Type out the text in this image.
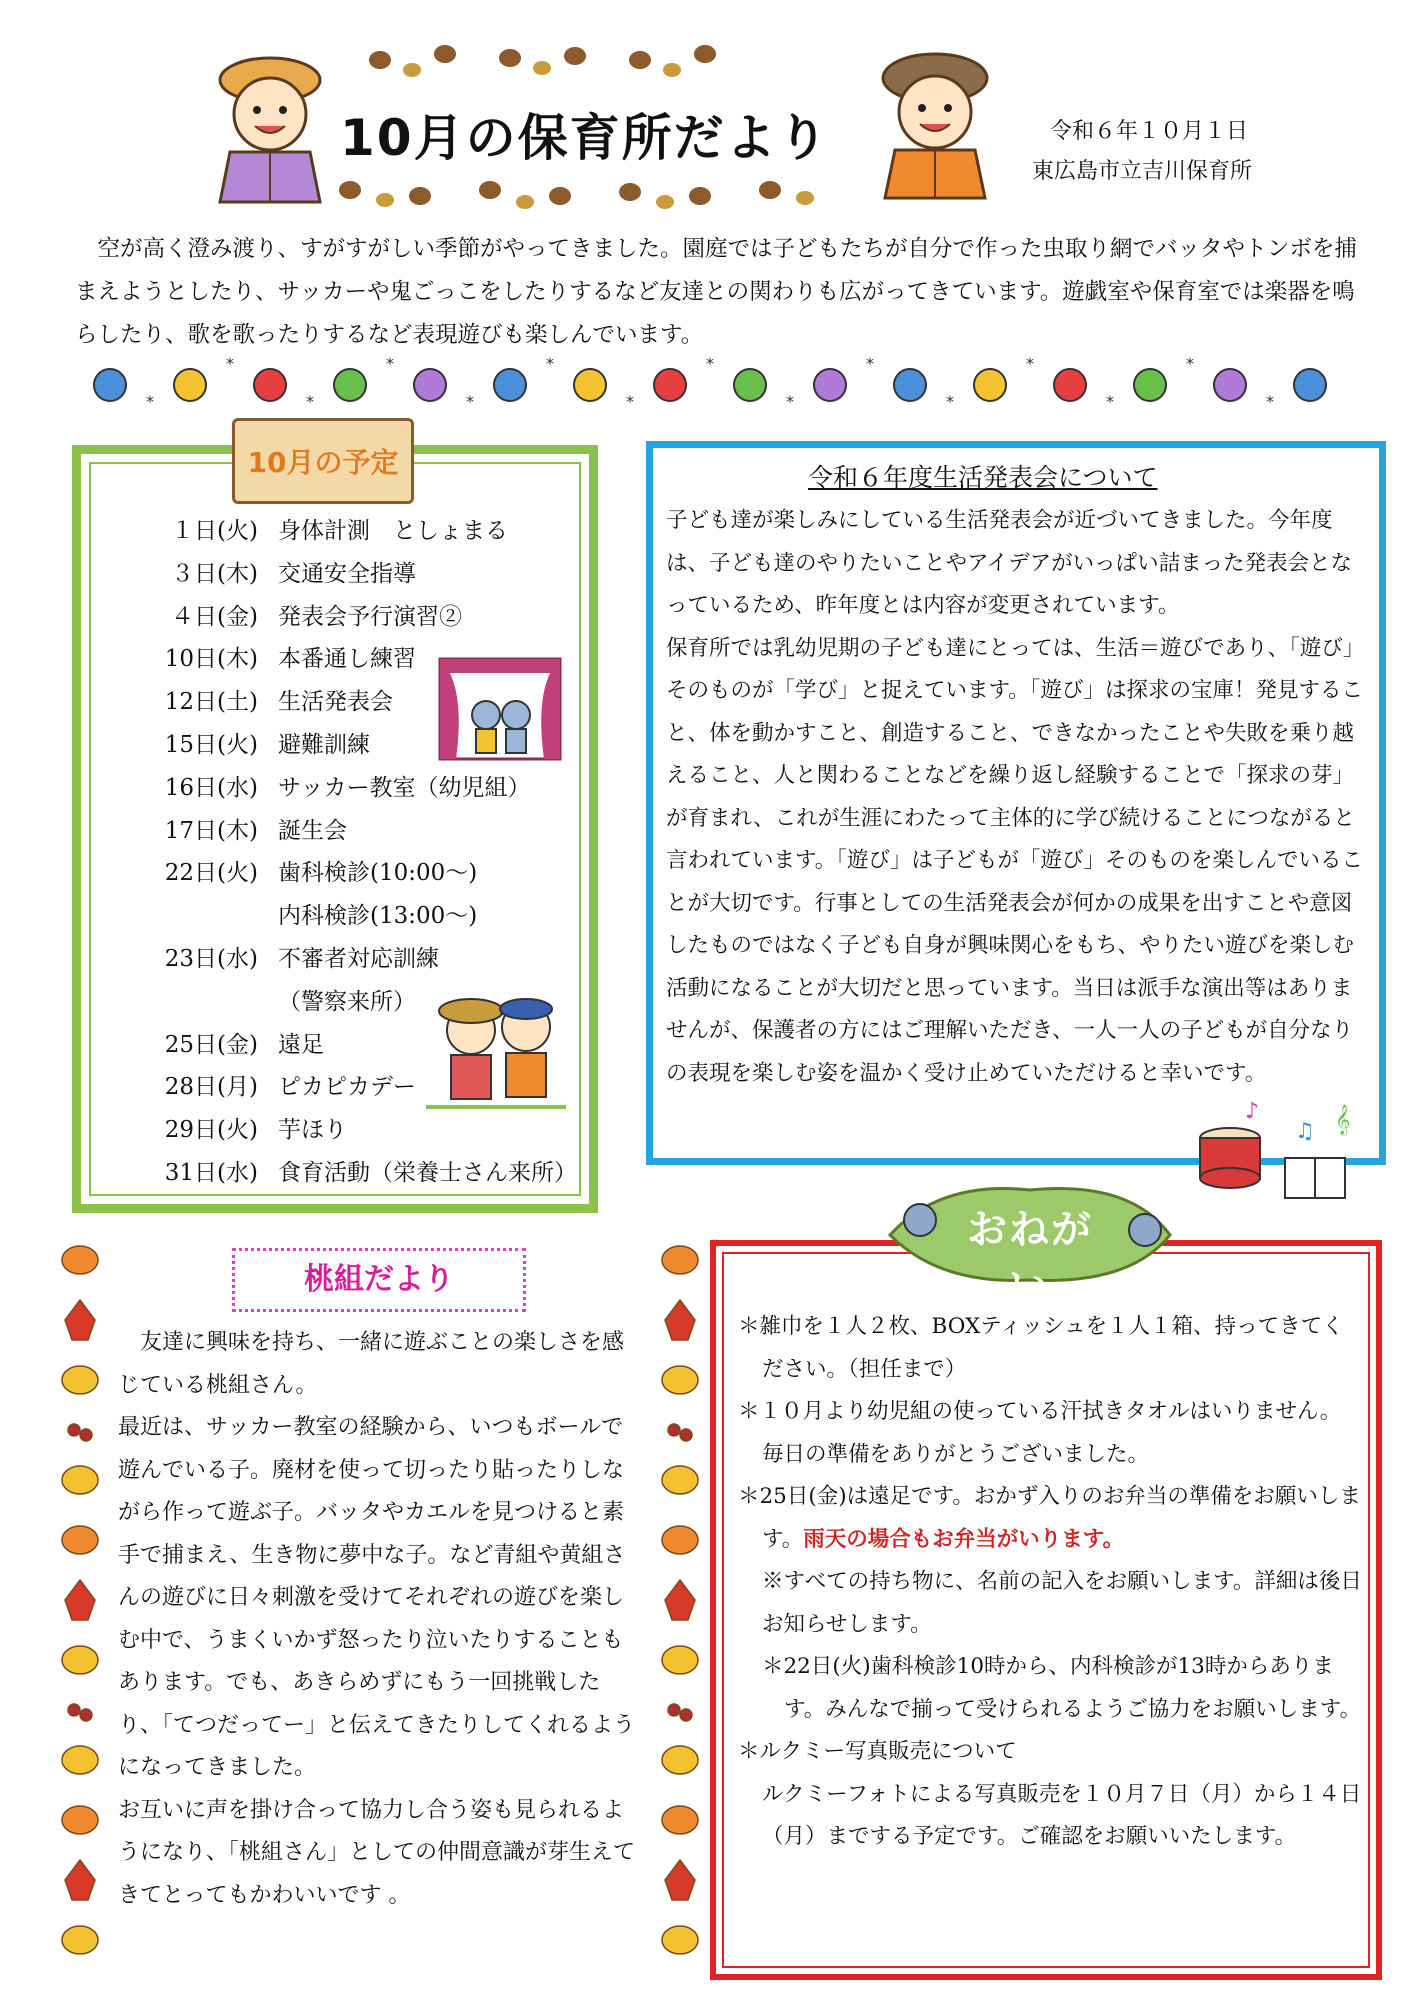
10月の保育所だより	令和６年１０月１日
東広島市立吉川保育所

空が高く澄み渡り、すがすがしい季節がやってきました。園庭では子どもたちが自分で作った虫取り網でバッタやトンボを捕まえようとしたり、サッカーや鬼ごっこをしたりするなど友達との関わりも広がってきています。遊戯室や保育室では楽器を鳴らしたり、歌を歌ったりするなど表現遊びも楽しんでいます。

*
*
*
*
*
*
*
*
*
*
*
*
*
*
*
10月の予定
１日(火) 身体計測　としょまる
３日(木) 交通安全指導
４日(金) 発表会予行演習②
10日(木) 本番通し練習
12日(土) 生活発表会
15日(火) 避難訓練
16日(水) サッカー教室（幼児組）
17日(木) 誕生会
22日(火) 歯科検診(10:00～)
内科検診(13:00～)
23日(水) 不審者対応訓練
（警察来所）
25日(金) 遠足
28日(月) ピカピカデー
29日(火) 芋ほり
31日(水) 食育活動（栄養士さん来所）
令和６年度生活発表会について

子ども達が楽しみにしている生活発表会が近づいてきました。今年度は、子ども達のやりたいことやアイデアがいっぱい詰まった発表会となっているため、昨年度とは内容が変更されています。

保育所では乳幼児期の子ども達にとっては、生活＝遊びであり、「遊び」そのものが「学び」と捉えています。「遊び」は探求の宝庫！発見すること、体を動かすこと、創造すること、できなかったことや失敗を乗り越えること、人と関わることなどを繰り返し経験することで「探求の芽」が育まれ、これが生涯にわたって主体的に学び続けることにつながると言われています。「遊び」は子どもが「遊び」そのものを楽しんでいることが大切です。行事としての生活発表会が何かの成果を出すことや意図したものではなく子ども自身が興味関心をもち、やりたい遊びを楽しむ活動になることが大切だと思っています。当日は派手な演出等はありませんが、保護者の方にはご理解いただき、一人一人の子どもが自分なりの表現を楽しむ姿を温かく受け止めていただけると幸いです。

♪
♫ 𝄞
桃組だより

　友達に興味を持ち、一緒に遊ぶことの楽しさを感じている桃組さん。

最近は、サッカー教室の経験から、いつもボールで遊んでいる子。廃材を使って切ったり貼ったりしながら作って遊ぶ子。バッタやカエルを見つけると素手で捕まえ、生き物に夢中な子。など青組や黄組さんの遊びに日々刺激を受けてそれぞれの遊びを楽しむ中で、うまくいかず怒ったり泣いたりすることもあります。でも、あきらめずにもう一回挑戦したり、「てつだってー」と伝えてきたりしてくれるようになってきました。

お互いに声を掛け合って協力し合う姿も見られるようになり、「桃組さん」としての仲間意識が芽生えてきてとってもかわいいです 。

おねがい

＊雑巾を１人２枚、BOXティッシュを１人１箱、持ってきてください。（担任まで）

＊１０月より幼児組の使っている汗拭きタオルはいりません。毎日の準備をありがとうございました。

＊25日(金)は遠足です。おかず入りのお弁当の準備をお願いします。雨天の場合もお弁当がいります。

※すべての持ち物に、名前の記入をお願いします。詳細は後日お知らせします。

＊22日(火)歯科検診10時から、内科検診が13時からあります。みんなで揃って受けられるようご協力をお願いします。

＊ルクミー写真販売について

ルクミーフォトによる写真販売を１０月７日（月）から１４日（月）までする予定です。ご確認をお願いいたします。
